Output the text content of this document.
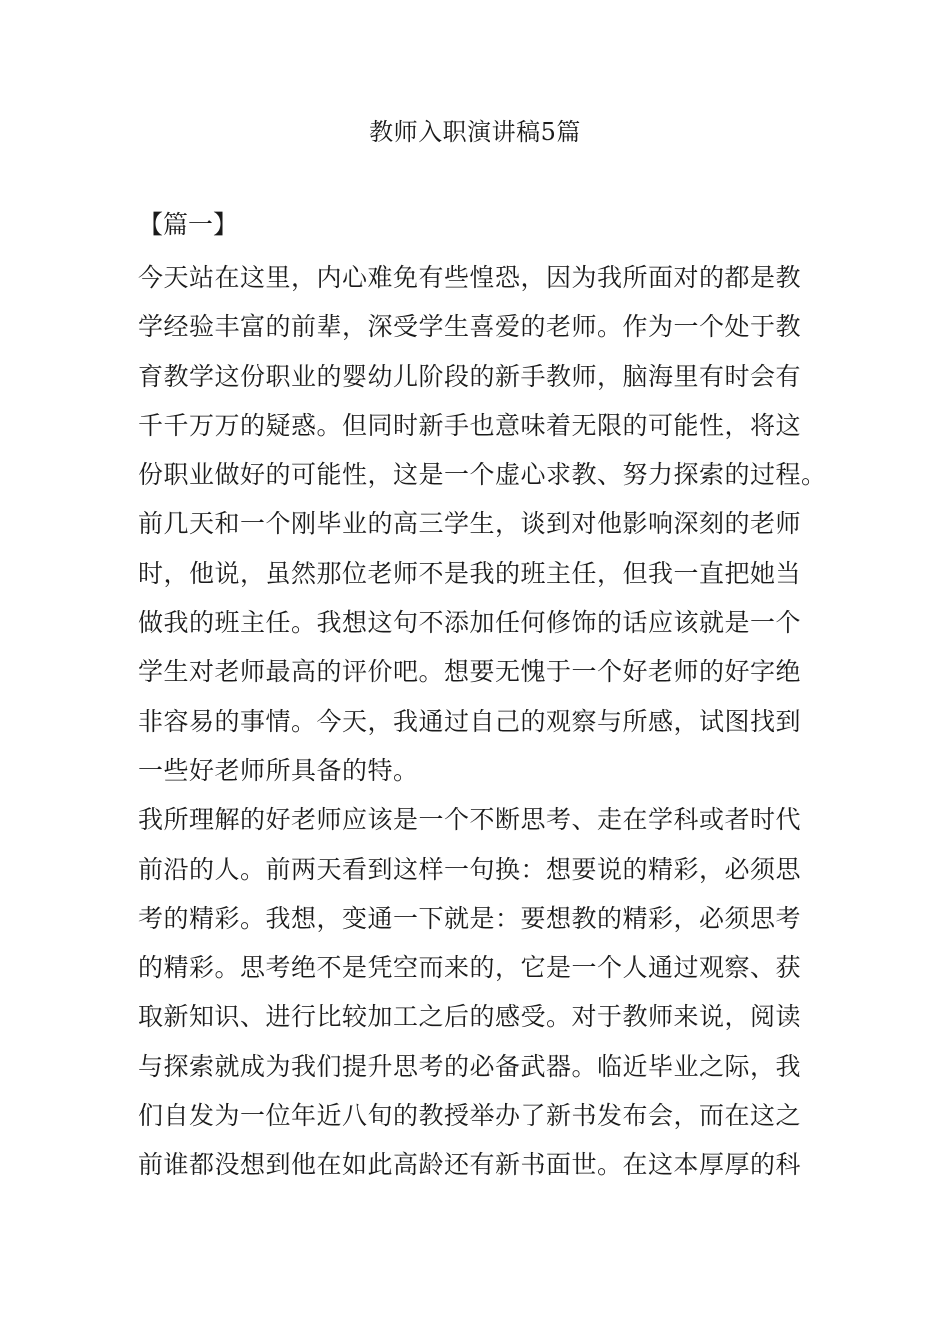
教师入职演讲稿5篇
【篇一】
今天站在这里，内心难免有些惶恐，因为我所面对的都是教
学经验丰富的前辈，深受学生喜爱的老师。作为一个处于教
育教学这份职业的婴幼儿阶段的新手教师，脑海里有时会有
千千万万的疑惑。但同时新手也意味着无限的可能性，将这
份职业做好的可能性，这是一个虚心求教、努力探索的过程。
前几天和一个刚毕业的高三学生，谈到对他影响深刻的老师
时，他说，虽然那位老师不是我的班主任，但我一直把她当
做我的班主任。我想这句不添加任何修饰的话应该就是一个
学生对老师最高的评价吧。想要无愧于一个好老师的好字绝
非容易的事情。今天，我通过自己的观察与所感，试图找到
一些好老师所具备的特。
我所理解的好老师应该是一个不断思考、走在学科或者时代
前沿的人。前两天看到这样一句换：想要说的精彩，必须思
考的精彩。我想，变通一下就是：要想教的精彩，必须思考
的精彩。思考绝不是凭空而来的，它是一个人通过观察、获
取新知识、进行比较加工之后的感受。对于教师来说，阅读
与探索就成为我们提升思考的必备武器。临近毕业之际，我
们自发为一位年近八旬的教授举办了新书发布会，而在这之
前谁都没想到他在如此高龄还有新书面世。在这本厚厚的科
